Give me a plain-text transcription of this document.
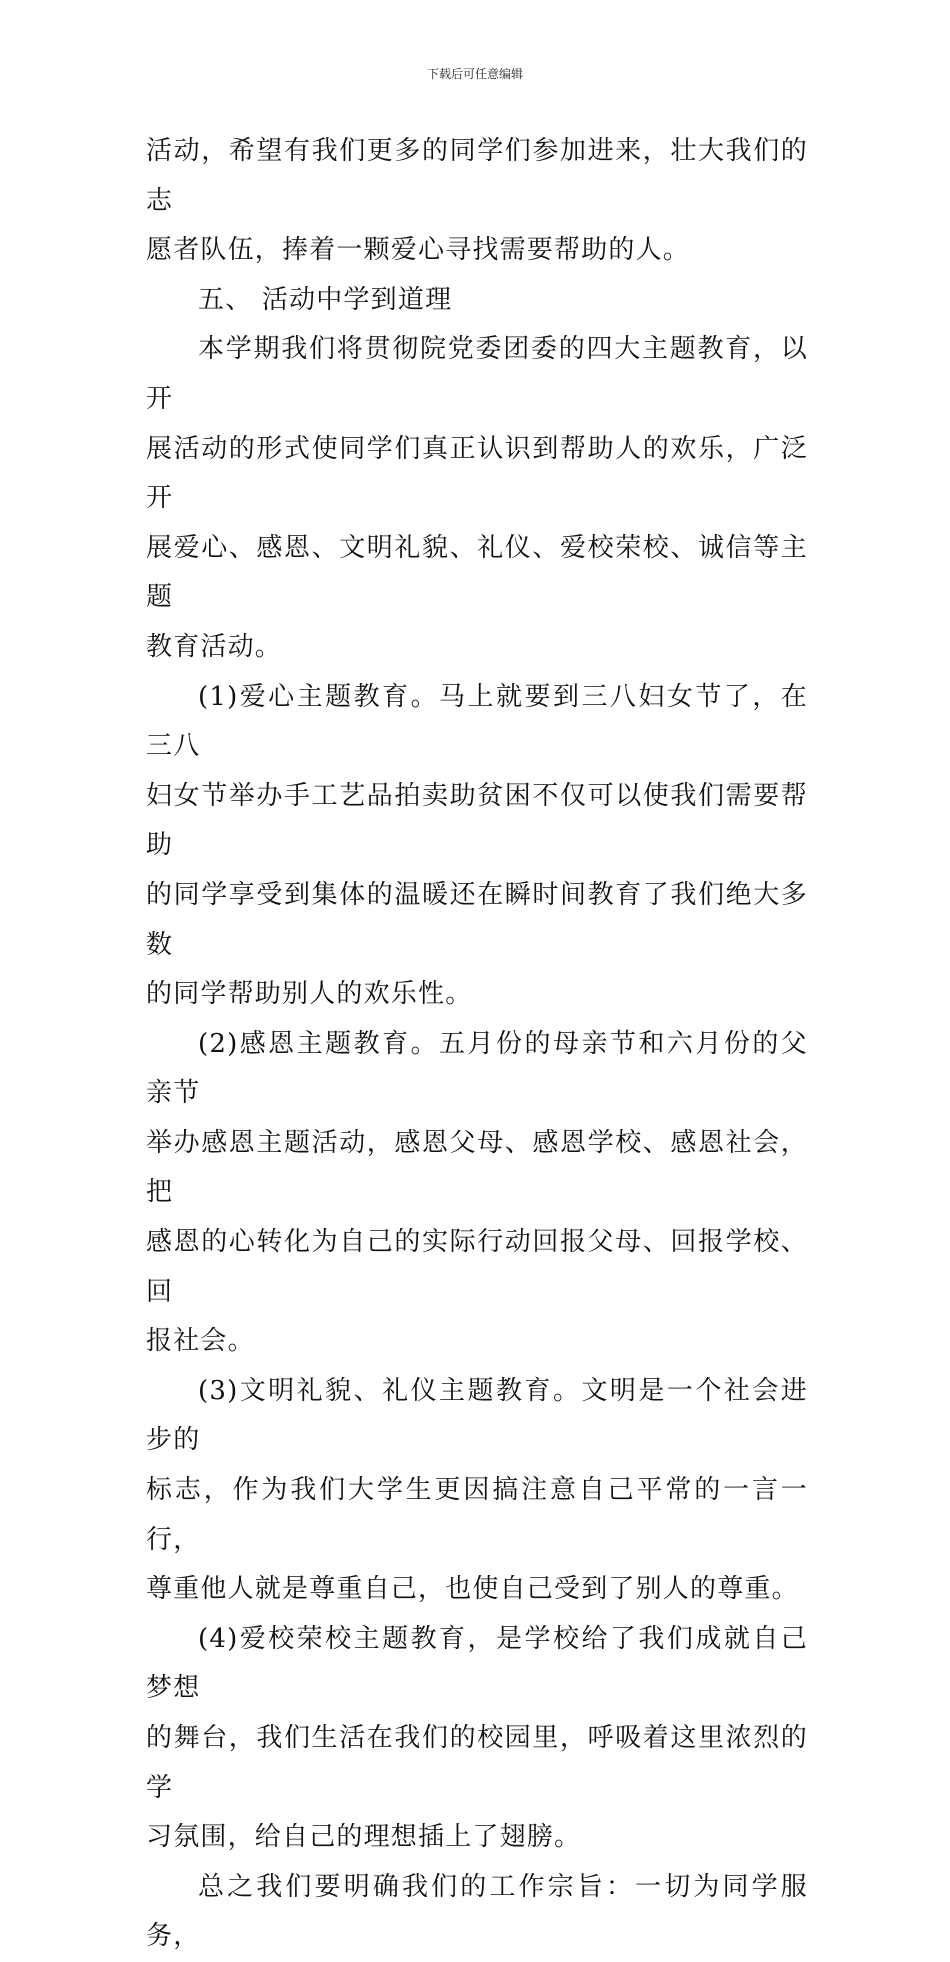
下载后可任意编辑

活动，希望有我们更多的同学们参加进来，壮大我们的志
愿者队伍，捧着一颗爱心寻找需要帮助的人。

五、 活动中学到道理

本学期我们将贯彻院党委团委的四大主题教育，以开
展活动的形式使同学们真正认识到帮助人的欢乐，广泛开
展爱心、感恩、文明礼貌、礼仪、爱校荣校、诚信等主题
教育活动。

(1)爱心主题教育。马上就要到三八妇女节了，在三八
妇女节举办手工艺品拍卖助贫困不仅可以使我们需要帮助
的同学享受到集体的温暖还在瞬时间教育了我们绝大多数
的同学帮助别人的欢乐性。

(2)感恩主题教育。五月份的母亲节和六月份的父亲节
举办感恩主题活动，感恩父母、感恩学校、感恩社会，把
感恩的心转化为自己的实际行动回报父母、回报学校、回
报社会。

(3)文明礼貌、礼仪主题教育。文明是一个社会进步的
标志，作为我们大学生更因搞注意自己平常的一言一行，
尊重他人就是尊重自己，也使自己受到了别人的尊重。

(4)爱校荣校主题教育，是学校给了我们成就自己梦想
的舞台，我们生活在我们的校园里，呼吸着这里浓烈的学
习氛围，给自己的理想插上了翅膀。

总之我们要明确我们的工作宗旨：一切为同学服务，
